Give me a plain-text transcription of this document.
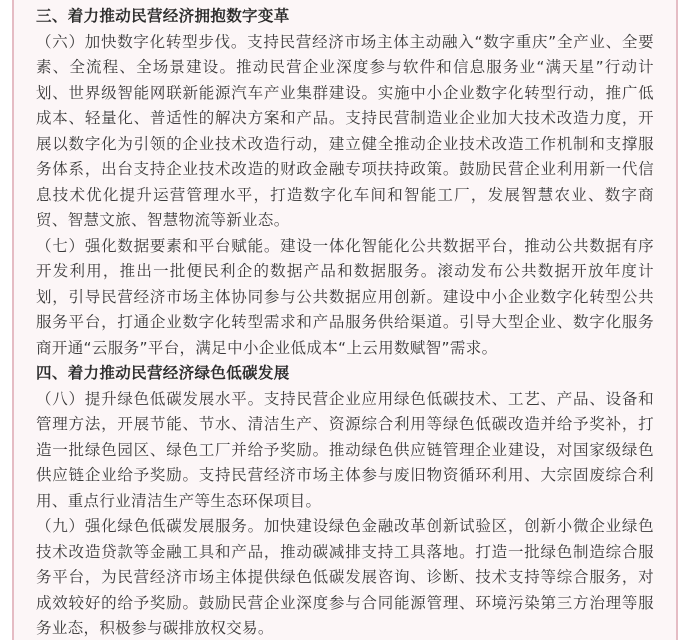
三、着力推动民营经济拥抱数字变革

（六）加快数字化转型步伐。支持民营经济市场主体主动融入“数字重庆”全产业、全要素、全流程、全场景建设。推动民营企业深度参与软件和信息服务业“满天星”行动计划、世界级智能网联新能源汽车产业集群建设。实施中小企业数字化转型行动，推广低成本、轻量化、普适性的解决方案和产品。支持民营制造业企业加大技术改造力度，开展以数字化为引领的企业技术改造行动，建立健全推动企业技术改造工作机制和支撑服务体系，出台支持企业技术改造的财政金融专项扶持政策。鼓励民营企业利用新一代信息技术优化提升运营管理水平，打造数字化车间和智能工厂，发展智慧农业、数字商贸、智慧文旅、智慧物流等新业态。

（七）强化数据要素和平台赋能。建设一体化智能化公共数据平台，推动公共数据有序开发利用，推出一批便民利企的数据产品和数据服务。滚动发布公共数据开放年度计划，引导民营经济市场主体协同参与公共数据应用创新。建设中小企业数字化转型公共服务平台，打通企业数字化转型需求和产品服务供给渠道。引导大型企业、数字化服务商开通“云服务”平台，满足中小企业低成本“上云用数赋智”需求。

四、着力推动民营经济绿色低碳发展

（八）提升绿色低碳发展水平。支持民营企业应用绿色低碳技术、工艺、产品、设备和管理方法，开展节能、节水、清洁生产、资源综合利用等绿色低碳改造并给予奖补，打造一批绿色园区、绿色工厂并给予奖励。推动绿色供应链管理企业建设，对国家级绿色供应链企业给予奖励。支持民营经济市场主体参与废旧物资循环利用、大宗固废综合利用、重点行业清洁生产等生态环保项目。

（九）强化绿色低碳发展服务。加快建设绿色金融改革创新试验区，创新小微企业绿色技术改造贷款等金融工具和产品，推动碳减排支持工具落地。打造一批绿色制造综合服务平台，为民营经济市场主体提供绿色低碳发展咨询、诊断、技术支持等综合服务，对成效较好的给予奖励。鼓励民营企业深度参与合同能源管理、环境污染第三方治理等服务业态，积极参与碳排放权交易。
